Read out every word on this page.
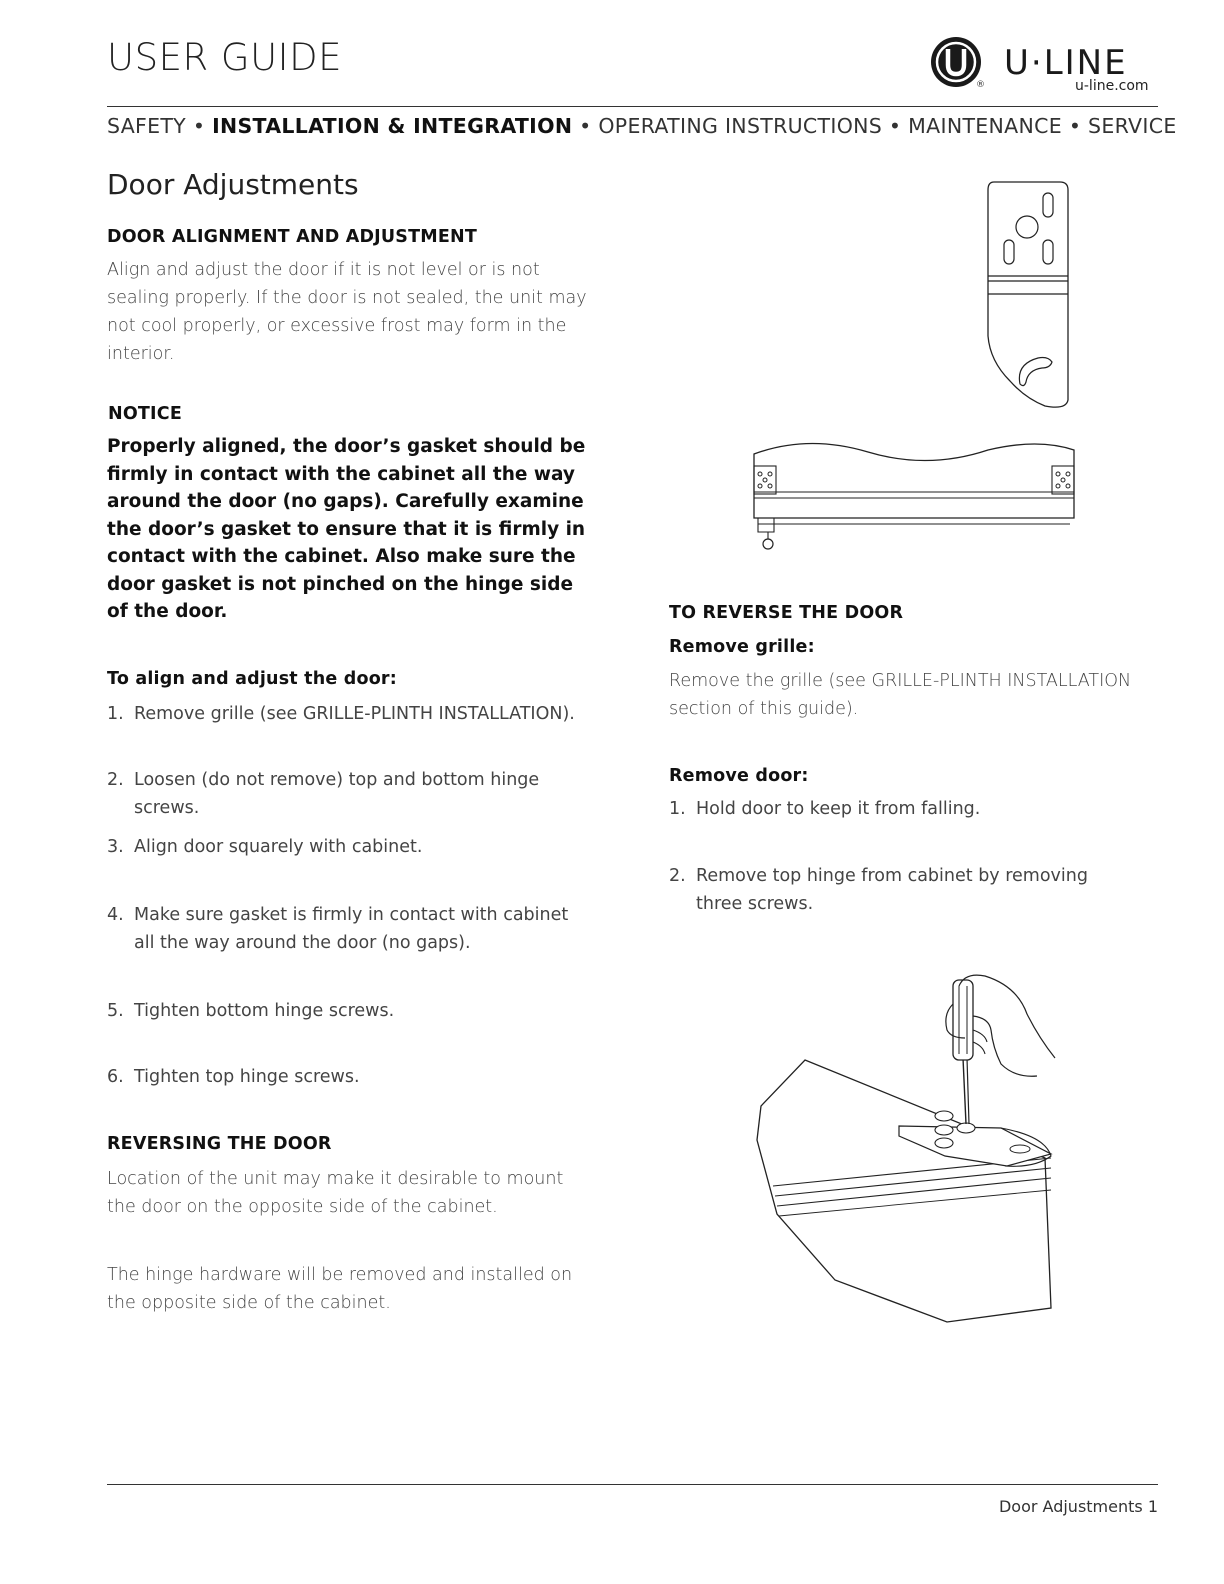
USER GUIDE
®
U·LINE
u-line.com
SAFETY • INSTALLATION & INTEGRATION • OPERATING INSTRUCTIONS • MAINTENANCE • SERVICE
Door Adjustments
DOOR ALIGNMENT AND ADJUSTMENT
Align and adjust the door if it is not level or is not sealing properly. If the door is not sealed, the unit may not cool properly, or excessive frost may form in the interior.
NOTICE
Properly aligned, the door’s gasket should be firmly in contact with the cabinet all the way around the door (no gaps). Carefully examine the door’s gasket to ensure that it is firmly in contact with the cabinet. Also make sure the door gasket is not pinched on the hinge side of the door.
To align and adjust the door:
1. Remove grille (see GRILLE-PLINTH INSTALLATION).
2. Loosen (do not remove) top and bottom hinge screws.
3. Align door squarely with cabinet.
4. Make sure gasket is firmly in contact with cabinet all the way around the door (no gaps).
5. Tighten bottom hinge screws.
6. Tighten top hinge screws.
REVERSING THE DOOR
Location of the unit may make it desirable to mount the door on the opposite side of the cabinet.
The hinge hardware will be removed and installed on the opposite side of the cabinet.
TO REVERSE THE DOOR
Remove grille:
Remove the grille (see GRILLE-PLINTH INSTALLATION section of this guide).
Remove door:
1. Hold door to keep it from falling.
2. Remove top hinge from cabinet by removing three screws.
Door Adjustments 1
